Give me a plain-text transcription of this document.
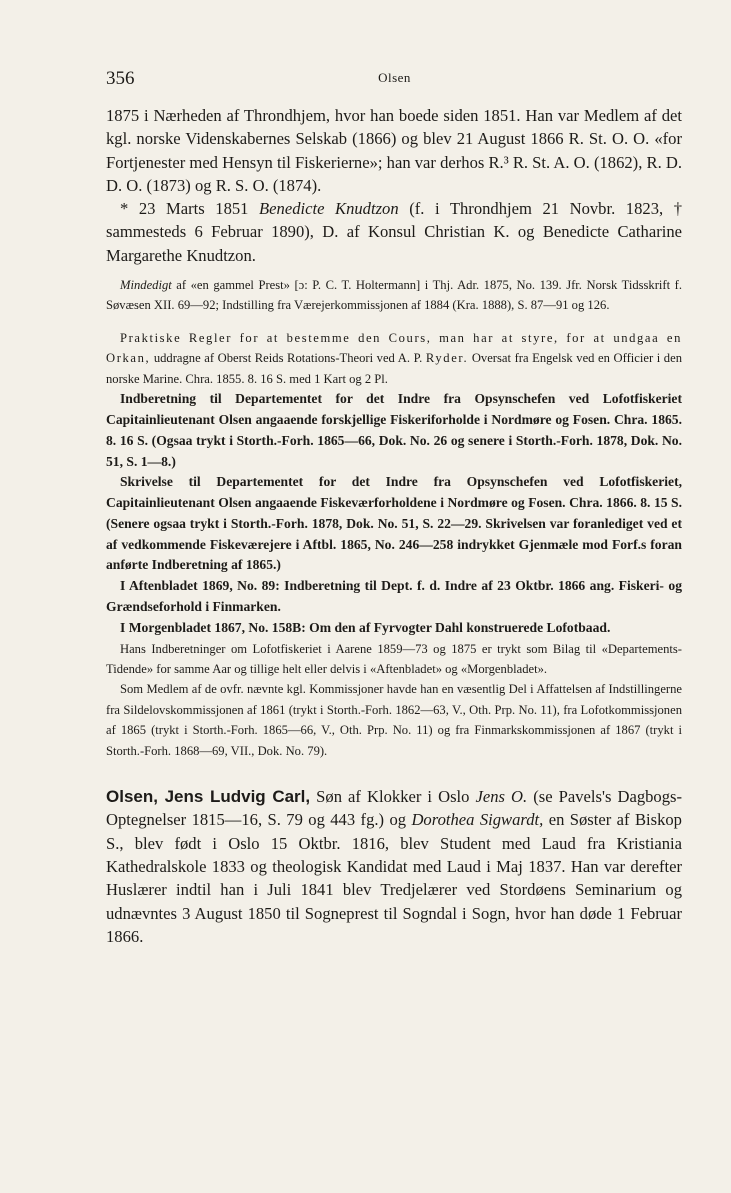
356	Olsen

1875 i Nærheden af Throndhjem, hvor han boede siden 1851. Han var Medlem af det kgl. norske Videnskabernes Selskab (1866) og blev 21 August 1866 R. St. O. O. «for Fortjenester med Hensyn til Fiskerierne»; han var derhos R.³ R. St. A. O. (1862), R. D. D. O. (1873) og R. S. O. (1874).

* 23 Marts 1851 Benedicte Knudtzon (f. i Throndhjem 21 Novbr. 1823, † sammesteds 6 Februar 1890), D. af Konsul Christian K. og Benedicte Catharine Margarethe Knudtzon.

Mindedigt af «en gammel Prest» [ɔ: P. C. T. Holtermann] i Thj. Adr. 1875, No. 139. Jfr. Norsk Tidsskrift f. Søvæsen XII. 69—92; Indstilling fra Værejerkommissjonen af 1884 (Kra. 1888), S. 87—91 og 126.

Praktiske Regler for at bestemme den Cours, man har at styre, for at undgaa en Orkan, uddragne af Oberst Reids Rotations-Theori ved A. P. Ryder. Oversat fra Engelsk ved en Officier i den norske Marine. Chra. 1855. 8. 16 S. med 1 Kart og 2 Pl.

Indberetning til Departementet for det Indre fra Opsynschefen ved Lofotfiskeriet Capitainlieutenant Olsen angaaende forskjellige Fiskeriforholde i Nordmøre og Fosen. Chra. 1865. 8. 16 S. (Ogsaa trykt i Storth.-Forh. 1865—66, Dok. No. 26 og senere i Storth.-Forh. 1878, Dok. No. 51, S. 1—8.)

Skrivelse til Departementet for det Indre fra Opsynschefen ved Lofotfiskeriet, Capitainlieutenant Olsen angaaende Fiskeværforholdene i Nordmøre og Fosen. Chra. 1866. 8. 15 S. (Senere ogsaa trykt i Storth.-Forh. 1878, Dok. No. 51, S. 22—29. Skrivelsen var foranlediget ved et af vedkommende Fiskeværejere i Aftbl. 1865, No. 246—258 indrykket Gjenmæle mod Forf.s foran anførte Indberetning af 1865.)

I Aftenbladet 1869, No. 89: Indberetning til Dept. f. d. Indre af 23 Oktbr. 1866 ang. Fiskeri- og Grændseforhold i Finmarken.

I Morgenbladet 1867, No. 158B: Om den af Fyrvogter Dahl konstruerede Lofotbaad.

Hans Indberetninger om Lofotfiskeriet i Aarene 1859—73 og 1875 er trykt som Bilag til «Departements-Tidende» for samme Aar og tillige helt eller delvis i «Aftenbladet» og «Morgenbladet».

Som Medlem af de ovfr. nævnte kgl. Kommissjoner havde han en væsentlig Del i Affattelsen af Indstillingerne fra Sildelovskommissjonen af 1861 (trykt i Storth.-Forh. 1862—63, V., Oth. Prp. No. 11), fra Lofotkommissjonen af 1865 (trykt i Storth.-Forh. 1865—66, V., Oth. Prp. No. 11) og fra Finmarkskommissjonen af 1867 (trykt i Storth.-Forh. 1868—69, VII., Dok. No. 79).

Olsen, Jens Ludvig Carl, Søn af Klokker i Oslo Jens O. (se Pavels's Dagbogs-Optegnelser 1815—16, S. 79 og 443 fg.) og Dorothea Sigwardt, en Søster af Biskop S., blev født i Oslo 15 Oktbr. 1816, blev Student med Laud fra Kristiania Kathedralskole 1833 og theologisk Kandidat med Laud i Maj 1837. Han var derefter Huslærer indtil han i Juli 1841 blev Tredjelærer ved Stordøens Seminarium og udnævntes 3 August 1850 til Sogneprest til Sogndal i Sogn, hvor han døde 1 Februar 1866.
